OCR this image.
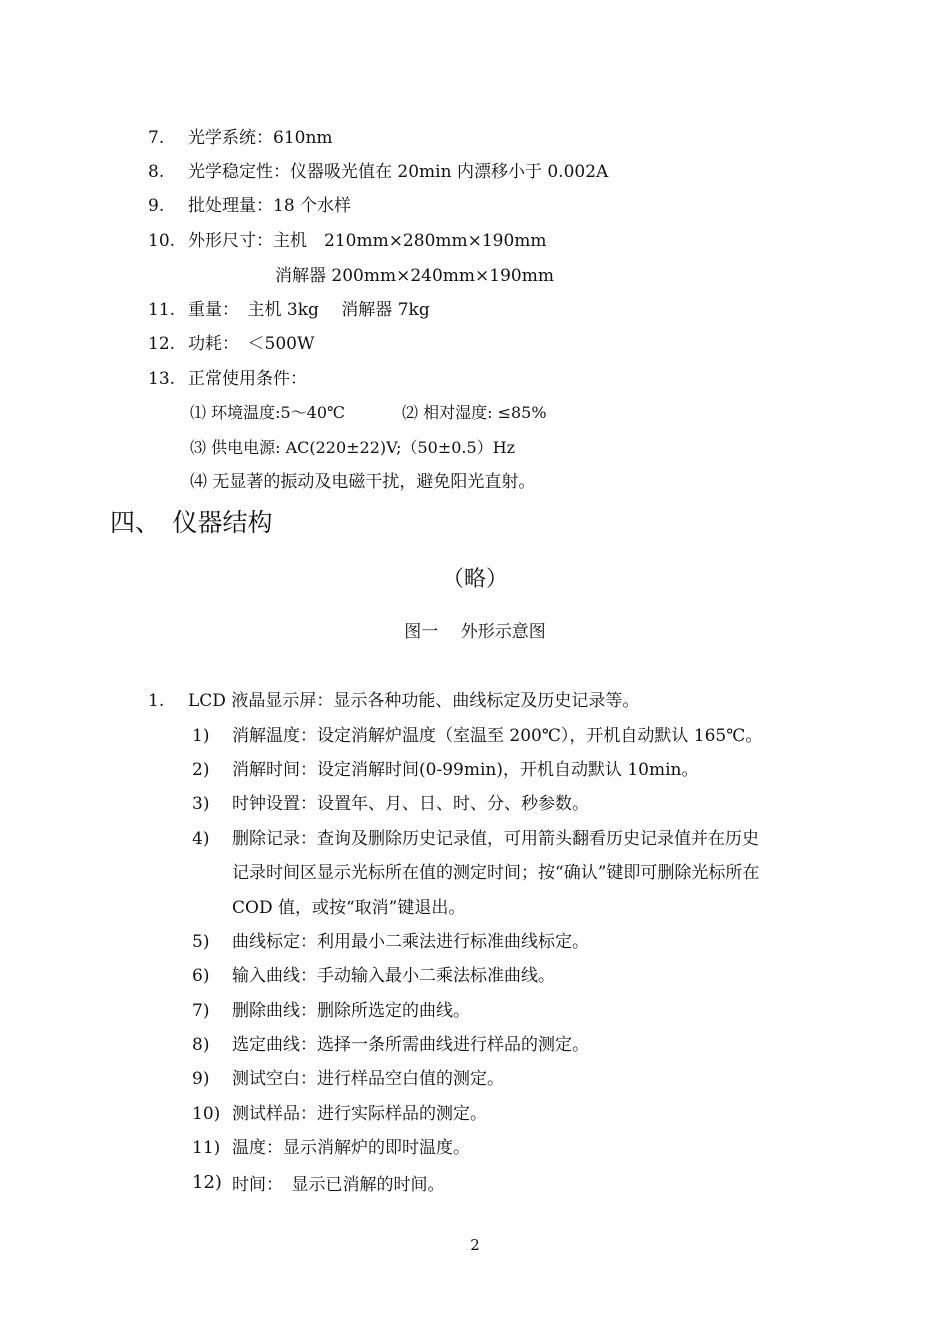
7. 光学系统：610nm
8. 光学稳定性：仪器吸光值在 20min 内漂移小于 0.002A
9. 批处理量：18 个水样
10. 外形尺寸：主机　210mm×280mm×190mm
消解器 200mm×240mm×190mm
11. 重量：　主机 3kg　 消解器 7kg
12. 功耗：　＜500W
13. 正常使用条件：
⑴ 环境温度:5～40℃	⑵ 相对湿度: ≤85%
⑶ 供电电源: AC(220±22)V;（50±0.5）Hz
⑷ 无显著的振动及电磁干扰，避免阳光直射。
四、　仪器结构
（略）
图一　 外形示意图
1. LCD 液晶显示屏：显示各种功能、曲线标定及历史记录等。
1) 消解温度：设定消解炉温度（室温至 200℃），开机自动默认 165℃。
2) 消解时间：设定消解时间(0-99min)，开机自动默认 10min。
3) 时钟设置：设置年、月、日、时、分、秒参数。
4) 删除记录：查询及删除历史记录值，可用箭头翻看历史记录值并在历史
记录时间区显示光标所在值的测定时间；按“确认”键即可删除光标所在
COD 值，或按“取消”键退出。
5) 曲线标定：利用最小二乘法进行标准曲线标定。
6) 输入曲线：手动输入最小二乘法标准曲线。
7) 删除曲线：删除所选定的曲线。
8) 选定曲线：选择一条所需曲线进行样品的测定。
9) 测试空白：进行样品空白值的测定。
10) 测试样品：进行实际样品的测定。
11) 温度：显示消解炉的即时温度。
12) 时间：　显示已消解的时间。
2
